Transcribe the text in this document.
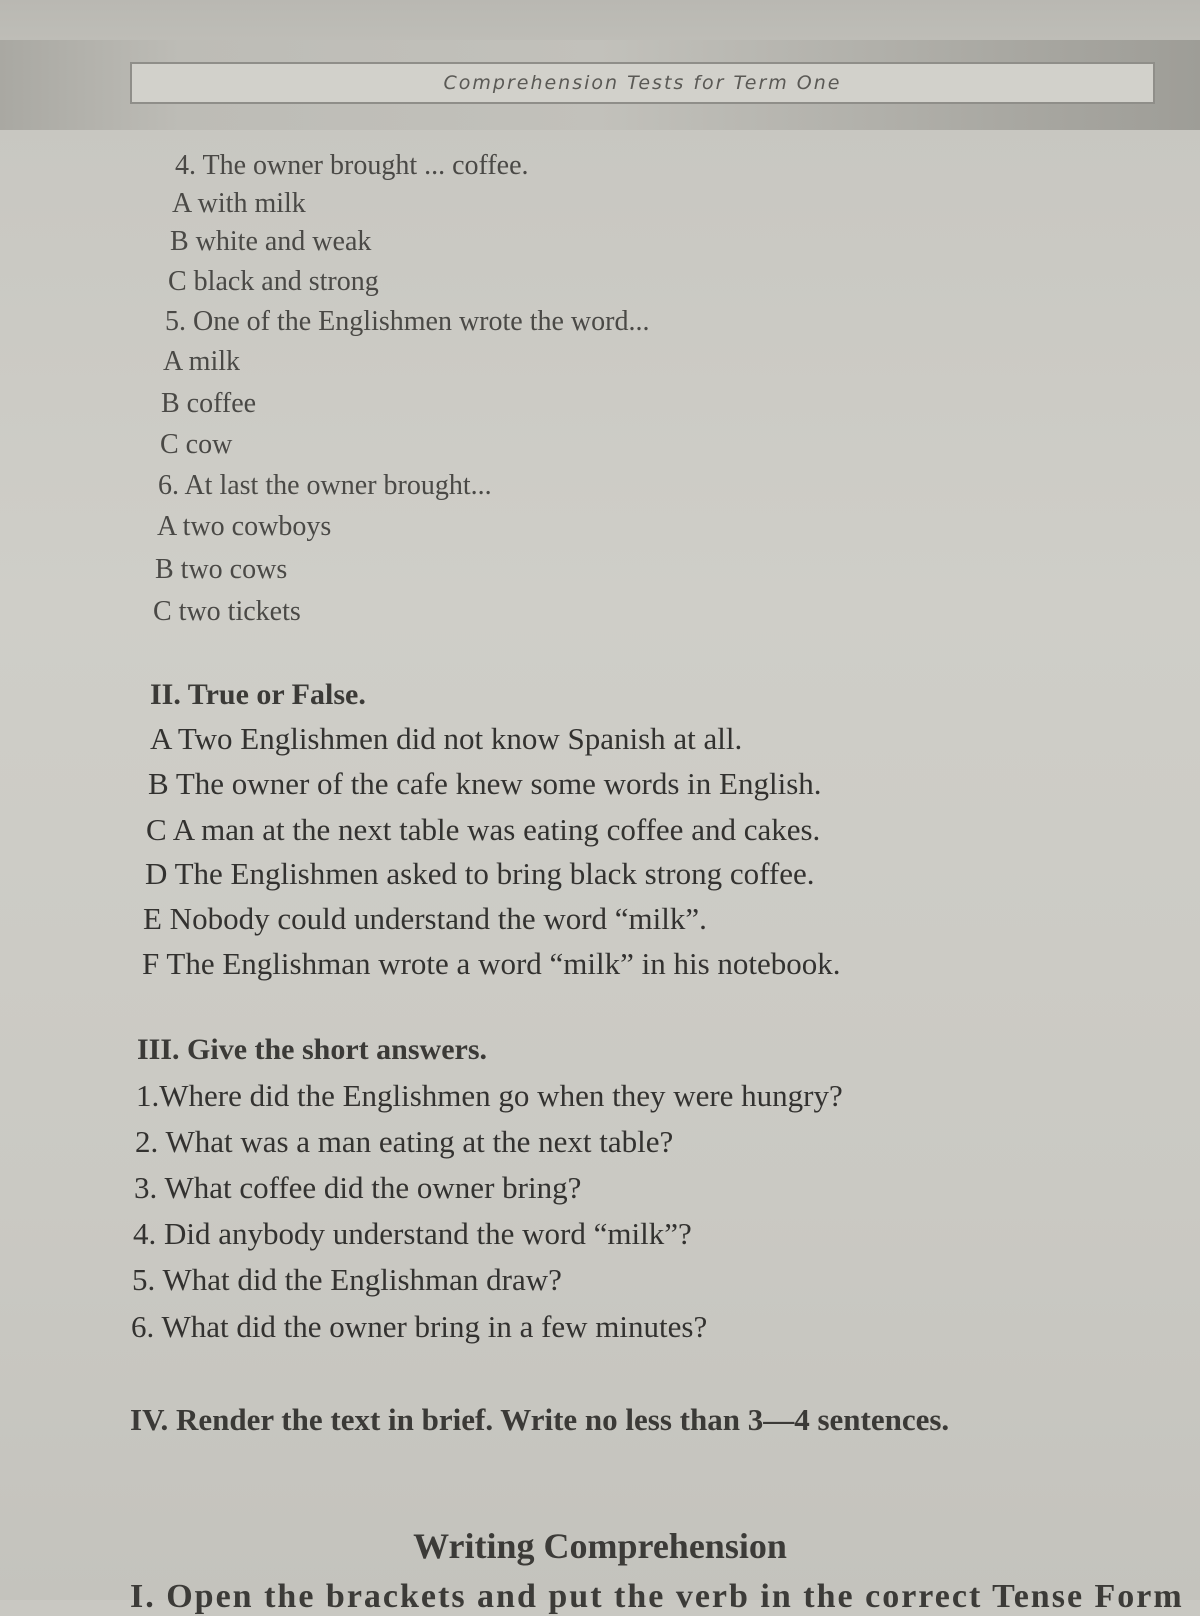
Comprehension Tests for Term One
4. The owner brought ... coffee.
A with milk
B white and weak
C black and strong
5. One of the Englishmen wrote the word...
A milk
B coffee
C cow
6. At last the owner brought...
A two cowboys
B two cows
C two tickets
II. True or False.
A Two Englishmen did not know Spanish at all.
B The owner of the cafe knew some words in English.
C A man at the next table was eating coffee and cakes.
D The Englishmen asked to bring black strong coffee.
E Nobody could understand the word “milk”.
F The Englishman wrote a word “milk” in his notebook.
III. Give the short answers.
1.Where did the Englishmen go when they were hungry?
2. What was a man eating at the next table?
3. What coffee did the owner bring?
4. Did anybody understand the word “milk”?
5. What did the Englishman draw?
6. What did the owner bring in a few minutes?
IV. Render the text in brief. Write no less than 3—4 sentences.
Writing Comprehension
I. Open the brackets and put the verb in the correct Tense Form
